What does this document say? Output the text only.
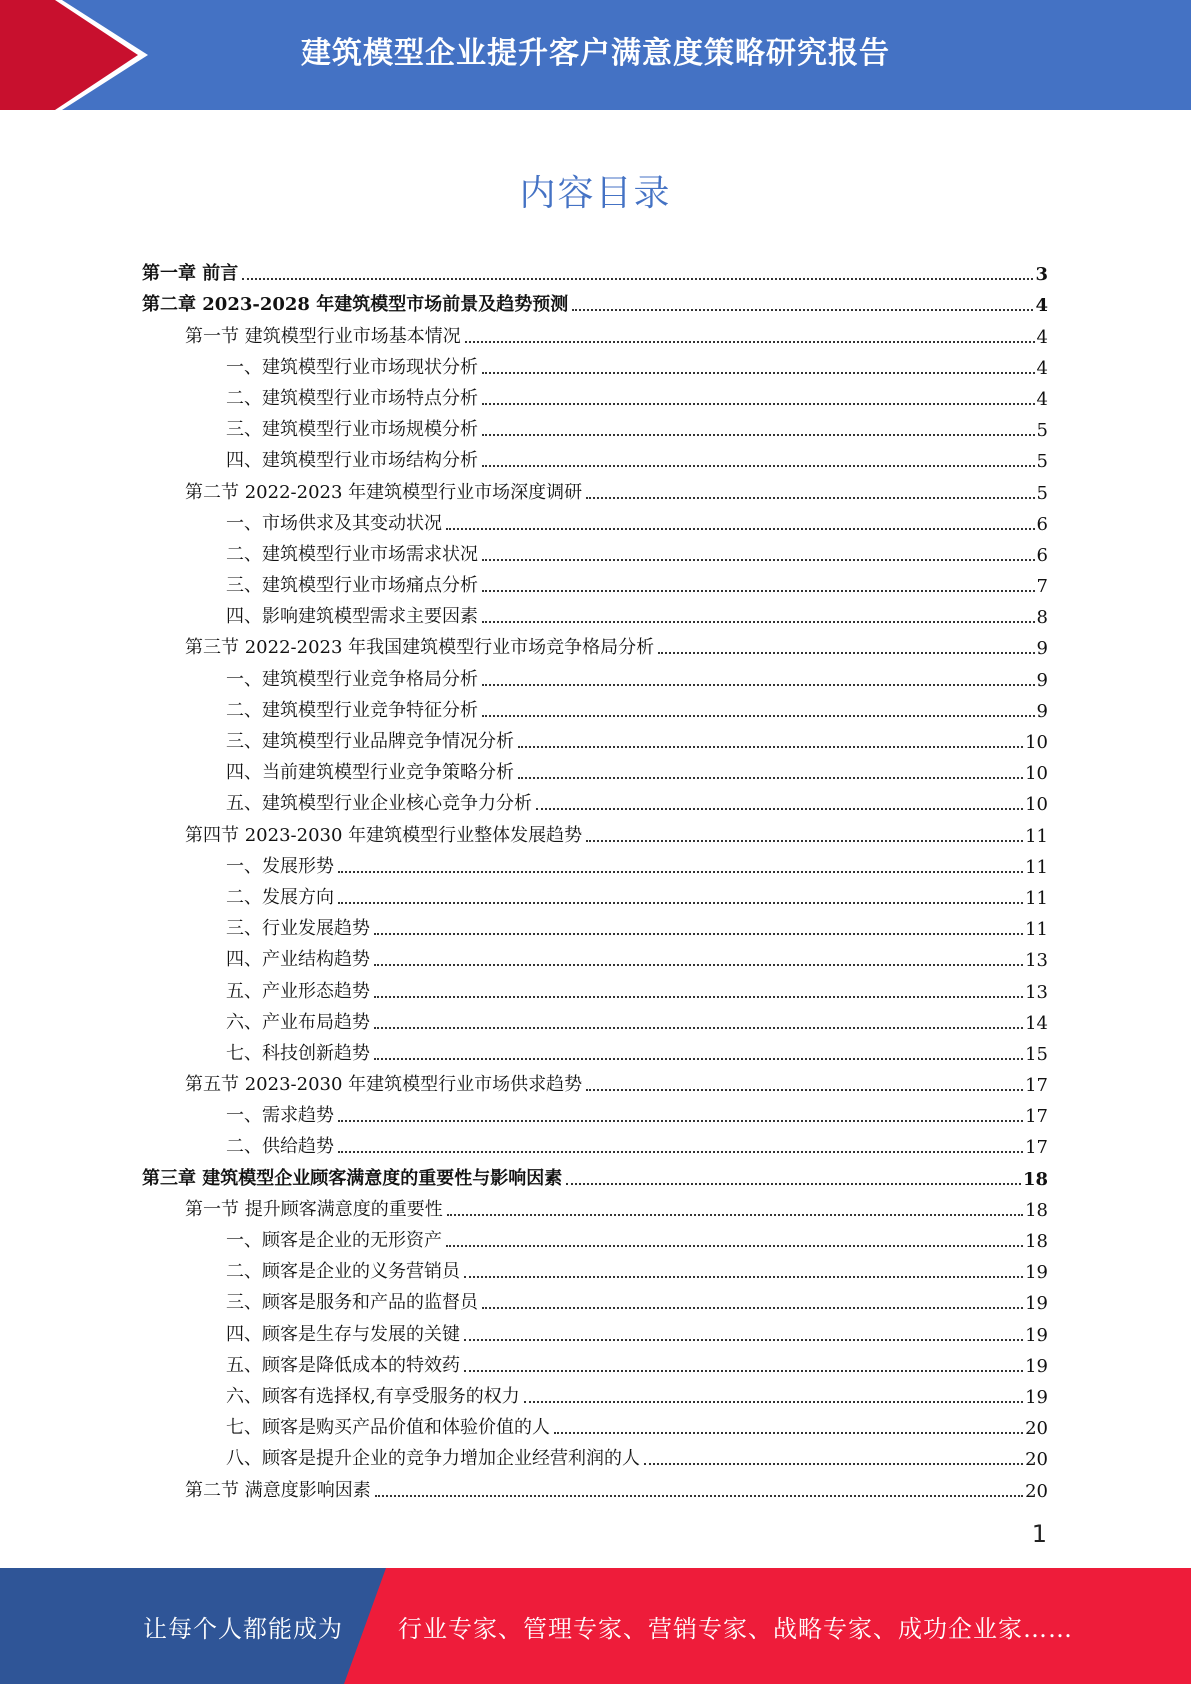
建筑模型企业提升客户满意度策略研究报告
内容目录
第一章 前言	3
第二章 2023-2028 年建筑模型市场前景及趋势预测	4
第一节 建筑模型行业市场基本情况	4
一、建筑模型行业市场现状分析	4
二、建筑模型行业市场特点分析	4
三、建筑模型行业市场规模分析	5
四、建筑模型行业市场结构分析	5
第二节 2022-2023 年建筑模型行业市场深度调研	5
一、市场供求及其变动状况	6
二、建筑模型行业市场需求状况	6
三、建筑模型行业市场痛点分析	7
四、影响建筑模型需求主要因素	8
第三节 2022-2023 年我国建筑模型行业市场竞争格局分析	9
一、建筑模型行业竞争格局分析	9
二、建筑模型行业竞争特征分析	9
三、建筑模型行业品牌竞争情况分析	10
四、当前建筑模型行业竞争策略分析	10
五、建筑模型行业企业核心竞争力分析	10
第四节 2023-2030 年建筑模型行业整体发展趋势	11
一、发展形势	11
二、发展方向	11
三、行业发展趋势	11
四、产业结构趋势	13
五、产业形态趋势	13
六、产业布局趋势	14
七、科技创新趋势	15
第五节 2023-2030 年建筑模型行业市场供求趋势	17
一、需求趋势	17
二、供给趋势	17
第三章 建筑模型企业顾客满意度的重要性与影响因素	18
第一节 提升顾客满意度的重要性	18
一、顾客是企业的无形资产	18
二、顾客是企业的义务营销员	19
三、顾客是服务和产品的监督员	19
四、顾客是生存与发展的关键	19
五、顾客是降低成本的特效药	19
六、顾客有选择权,有享受服务的权力	19
七、顾客是购买产品价值和体验价值的人	20
八、顾客是提升企业的竞争力增加企业经营利润的人	20
第二节 满意度影响因素	20
1
让每个人都能成为 行业专家、管理专家、营销专家、战略专家、成功企业家……
